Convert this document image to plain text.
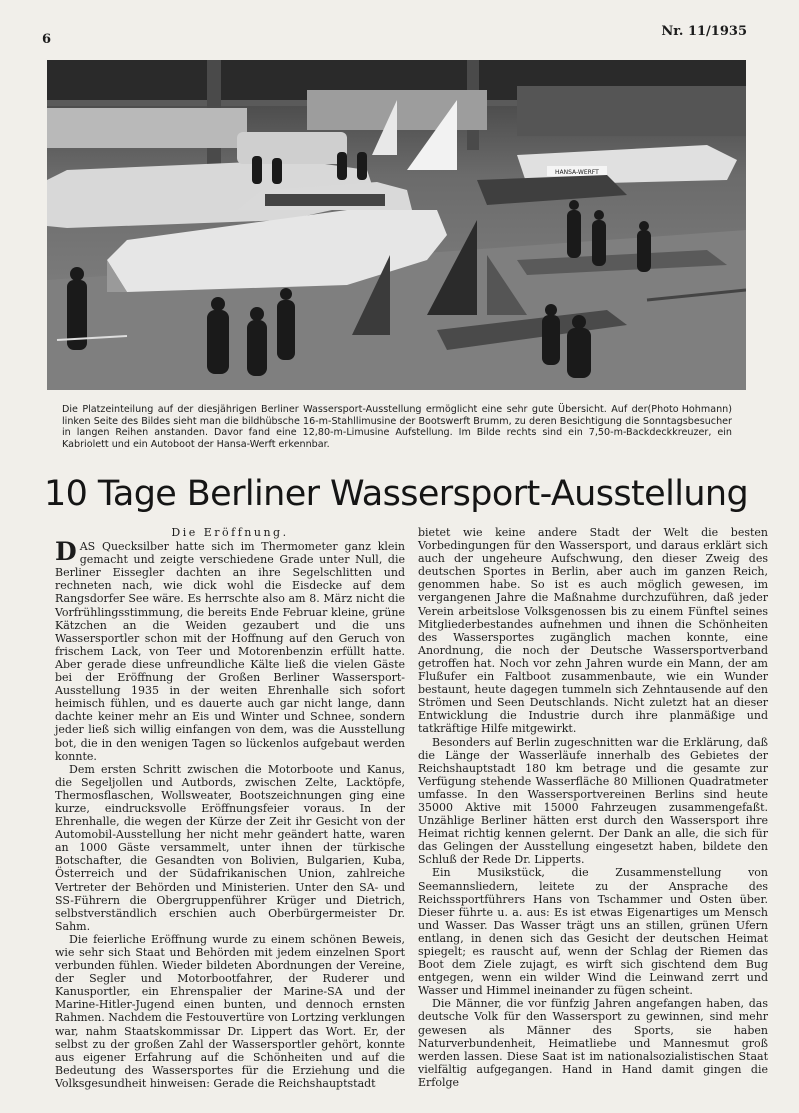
6
Nr. 11/1935
HANSA-WERFT
(Photo Hohmann)
Die Platzeinteilung auf der diesjährigen Berliner Wassersport-Ausstellung ermöglicht eine sehr gute Übersicht. Auf der linken Seite des Bildes sieht man die bildhübsche 16-m-Stahllimusine der Bootswerft Brumm, zu deren Besichtigung die Sonntagsbesucher in langen Reihen anstanden. Davor fand eine 12,80-m-Limusine Aufstellung. Im Bilde rechts sind ein 7,50-m-Backdeckkreuzer, ein Kabriolett und ein Autoboot der Hansa-Werft erkennbar.
10 Tage Berliner Wassersport-Ausstellung
Die Eröffnung.

DAS Quecksilber hatte sich im Thermometer ganz klein gemacht und zeigte verschiedene Grade unter Null, die Berliner Eissegler dachten an ihre Segelschlitten und rechneten nach, wie dick wohl die Eisdecke auf dem Rangsdorfer See wäre. Es herrschte also am 8. März nicht die Vorfrühlingsstimmung, die bereits Ende Februar kleine, grüne Kätzchen an die Weiden gezaubert und die uns Wassersportler schon mit der Hoffnung auf den Geruch von frischem Lack, von Teer und Motorenbenzin erfüllt hatte. Aber gerade diese unfreundliche Kälte ließ die vielen Gäste bei der Eröffnung der Großen Berliner Wassersport-Ausstellung 1935 in der weiten Ehrenhalle sich sofort heimisch fühlen, und es dauerte auch gar nicht lange, dann dachte keiner mehr an Eis und Winter und Schnee, sondern jeder ließ sich willig einfangen von dem, was die Ausstellung bot, die in den wenigen Tagen so lückenlos aufgebaut werden konnte.

Dem ersten Schritt zwischen die Motorboote und Kanus, die Segeljollen und Autbords, zwischen Zelte, Lacktöpfe, Thermosflaschen, Wollsweater, Bootszeichnungen ging eine kurze, eindrucksvolle Eröffnungsfeier voraus. In der Ehrenhalle, die wegen der Kürze der Zeit ihr Gesicht von der Automobil-Ausstellung her nicht mehr geändert hatte, waren an 1000 Gäste versammelt, unter ihnen der türkische Botschafter, die Gesandten von Bolivien, Bulgarien, Kuba, Österreich und der Südafrikanischen Union, zahlreiche Vertreter der Behörden und Ministerien. Unter den SA- und SS-Führern die Obergruppenführer Krüger und Dietrich, selbstverständlich erschien auch Oberbürgermeister Dr. Sahm.

Die feierliche Eröffnung wurde zu einem schönen Beweis, wie sehr sich Staat und Behörden mit jedem einzelnen Sport verbunden fühlen. Wieder bildeten Abordnungen der Vereine, der Segler und Motorbootfahrer, der Ruderer und Kanusportler, ein Ehrenspalier der Marine-SA und der Marine-Hitler-Jugend einen bunten, und dennoch ernsten Rahmen. Nachdem die Festouvertüre von Lortzing verklungen war, nahm Staatskommissar Dr. Lippert das Wort. Er, der selbst zu der großen Zahl der Wassersportler gehört, konnte aus eigener Erfahrung auf die Schönheiten und auf die Bedeutung des Wassersportes für die Erziehung und die Volksgesundheit hinweisen: Gerade die Reichshauptstadt

bietet wie keine andere Stadt der Welt die besten Vorbedingungen für den Wassersport, und daraus erklärt sich auch der ungeheure Aufschwung, den dieser Zweig des deutschen Sportes in Berlin, aber auch im ganzen Reich, genommen habe. So ist es auch möglich gewesen, im vergangenen Jahre die Maßnahme durchzuführen, daß jeder Verein arbeitslose Volksgenossen bis zu einem Fünftel seines Mitgliederbestandes aufnehmen und ihnen die Schönheiten des Wassersportes zugänglich machen konnte, eine Anordnung, die noch der Deutsche Wassersportverband getroffen hat. Noch vor zehn Jahren wurde ein Mann, der am Flußufer ein Faltboot zusammenbaute, wie ein Wunder bestaunt, heute dagegen tummeln sich Zehntausende auf den Strömen und Seen Deutschlands. Nicht zuletzt hat an dieser Entwicklung die Industrie durch ihre planmäßige und tatkräftige Hilfe mitgewirkt.

Besonders auf Berlin zugeschnitten war die Erklärung, daß die Länge der Wasserläufe innerhalb des Gebietes der Reichshauptstadt 180 km betrage und die gesamte zur Verfügung stehende Wasserfläche 80 Millionen Quadratmeter umfasse. In den Wassersportvereinen Berlins sind heute 35000 Aktive mit 15000 Fahrzeugen zusammengefaßt. Unzählige Berliner hätten erst durch den Wassersport ihre Heimat richtig kennen gelernt. Der Dank an alle, die sich für das Gelingen der Ausstellung eingesetzt haben, bildete den Schluß der Rede Dr. Lipperts.

Ein Musikstück, die Zusammenstellung von Seemannsliedern, leitete zu der Ansprache des Reichssportführers Hans von Tschammer und Osten über. Dieser führte u. a. aus: Es ist etwas Eigenartiges um Mensch und Wasser. Das Wasser trägt uns an stillen, grünen Ufern entlang, in denen sich das Gesicht der deutschen Heimat spiegelt; es rauscht auf, wenn der Schlag der Riemen das Boot dem Ziele zujagt, es wirft sich gischtend dem Bug entgegen, wenn ein wilder Wind die Leinwand zerrt und Wasser und Himmel ineinander zu fügen scheint.

Die Männer, die vor fünfzig Jahren angefangen haben, das deutsche Volk für den Wassersport zu gewinnen, sind mehr gewesen als Männer des Sports, sie haben Naturverbundenheit, Heimatliebe und Mannesmut groß werden lassen. Diese Saat ist im nationalsozialistischen Staat vielfältig aufgegangen. Hand in Hand damit gingen die Erfolge
